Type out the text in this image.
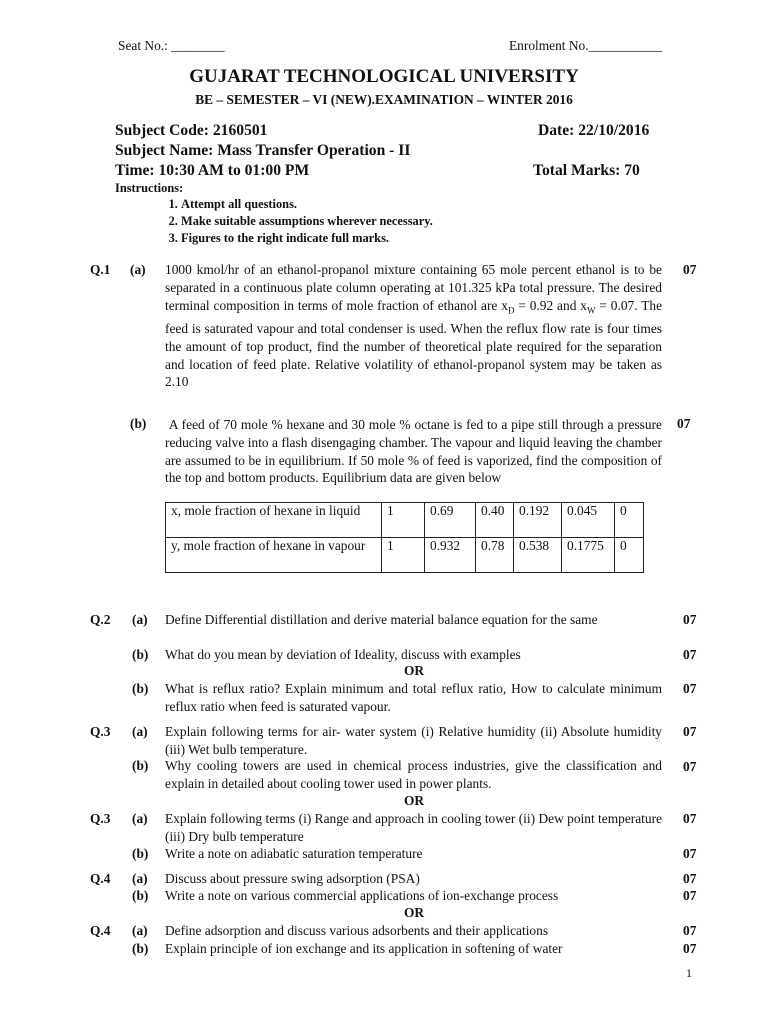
Seat No.: ________	Enrolment No.___________
GUJARAT TECHNOLOGICAL UNIVERSITY
BE – SEMESTER – VI (NEW).EXAMINATION – WINTER 2016
Subject Code: 2160501	Date: 22/10/2016
Subject Name: Mass Transfer Operation - II
Time: 10:30 AM to 01:00 PM	Total Marks: 70
Instructions:
1. Attempt all questions.
2. Make suitable assumptions wherever necessary.
3. Figures to the right indicate full marks.
Q.1 (a) 1000 kmol/hr of an ethanol-propanol mixture containing 65 mole percent ethanol is to be separated in a continuous plate column operating at 101.325 kPa total pressure. The desired terminal composition in terms of mole fraction of ethanol are $x_D = 0.92$ and $x_W = 0.07$. The feed is saturated vapour and total condenser is used. When the reflux flow rate is four times the amount of top product, find the number of theoretical plate required for the separation and location of feed plate. Relative volatility of ethanol-propanol system may be taken as 2.10
07
(b) A feed of 70 mole % hexane and 30 mole % octane is fed to a pipe still through a pressure reducing valve into a flash disengaging chamber. The vapour and liquid leaving the chamber are assumed to be in equilibrium. If 50 mole % of feed is vaporized, find the composition of the top and bottom products. Equilibrium data are given below
07
x, mole fraction of hexane in liquid	1	0.69	0.40	0.192	0.045	0
y, mole fraction of hexane in vapour	1	0.932	0.78	0.538	0.1775	0
Q.2 (a) Define Differential distillation and derive material balance equation for the same	07
(b) What do you mean by deviation of Ideality, discuss with examples	07
OR
(b) What is reflux ratio? Explain minimum and total reflux ratio, How to calculate minimum reflux ratio when feed is saturated vapour.
07
Q.3 (a) Explain following terms for air- water system (i) Relative humidity (ii) Absolute humidity (iii) Wet bulb temperature.
07
(b) Why cooling towers are used in chemical process industries, give the classification and explain in detailed about cooling tower used in power plants.
07
OR
Q.3 (a) Explain following terms (i) Range and approach in cooling tower (ii) Dew point temperature (iii) Dry bulb temperature
07
(b) Write a note on adiabatic saturation temperature	07
Q.4 (a) Discuss about pressure swing adsorption (PSA)	07
(b) Write a note on various commercial applications of ion-exchange process	07
OR
Q.4 (a) Define adsorption and discuss various adsorbents and their applications	07
(b) Explain principle of ion exchange and its application in softening of water	07
1
